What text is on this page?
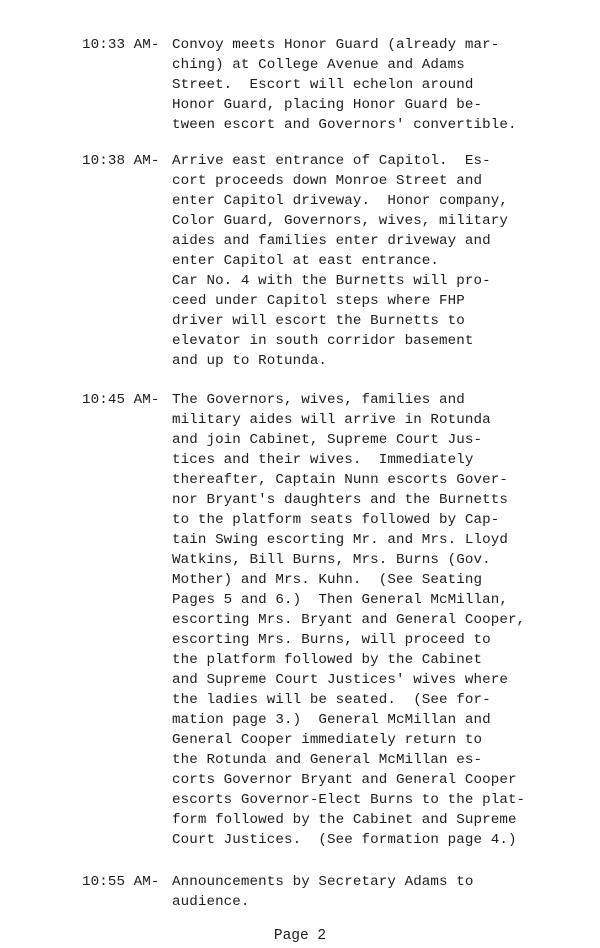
10:33 AM- Convoy meets Honor Guard (already mar-
ching) at College Avenue and Adams
Street.  Escort will echelon around
Honor Guard, placing Honor Guard be-
tween escort and Governors' convertible.
10:38 AM- Arrive east entrance of Capitol.  Es-
cort proceeds down Monroe Street and
enter Capitol driveway.  Honor company,
Color Guard, Governors, wives, military
aides and families enter driveway and
enter Capitol at east entrance.
Car No. 4 with the Burnetts will pro-
ceed under Capitol steps where FHP
driver will escort the Burnetts to
elevator in south corridor basement
and up to Rotunda.
10:45 AM- The Governors, wives, families and
military aides will arrive in Rotunda
and join Cabinet, Supreme Court Jus-
tices and their wives.  Immediately
thereafter, Captain Nunn escorts Gover-
nor Bryant's daughters and the Burnetts
to the platform seats followed by Cap-
tain Swing escorting Mr. and Mrs. Lloyd
Watkins, Bill Burns, Mrs. Burns (Gov.
Mother) and Mrs. Kuhn.  (See Seating
Pages 5 and 6.)  Then General McMillan,
escorting Mrs. Bryant and General Cooper,
escorting Mrs. Burns, will proceed to
the platform followed by the Cabinet
and Supreme Court Justices' wives where
the ladies will be seated.  (See for-
mation page 3.)  General McMillan and
General Cooper immediately return to
the Rotunda and General McMillan es-
corts Governor Bryant and General Cooper
escorts Governor-Elect Burns to the plat-
form followed by the Cabinet and Supreme
Court Justices.  (See formation page 4.)
10:55 AM- Announcements by Secretary Adams to
audience.
Page 2
